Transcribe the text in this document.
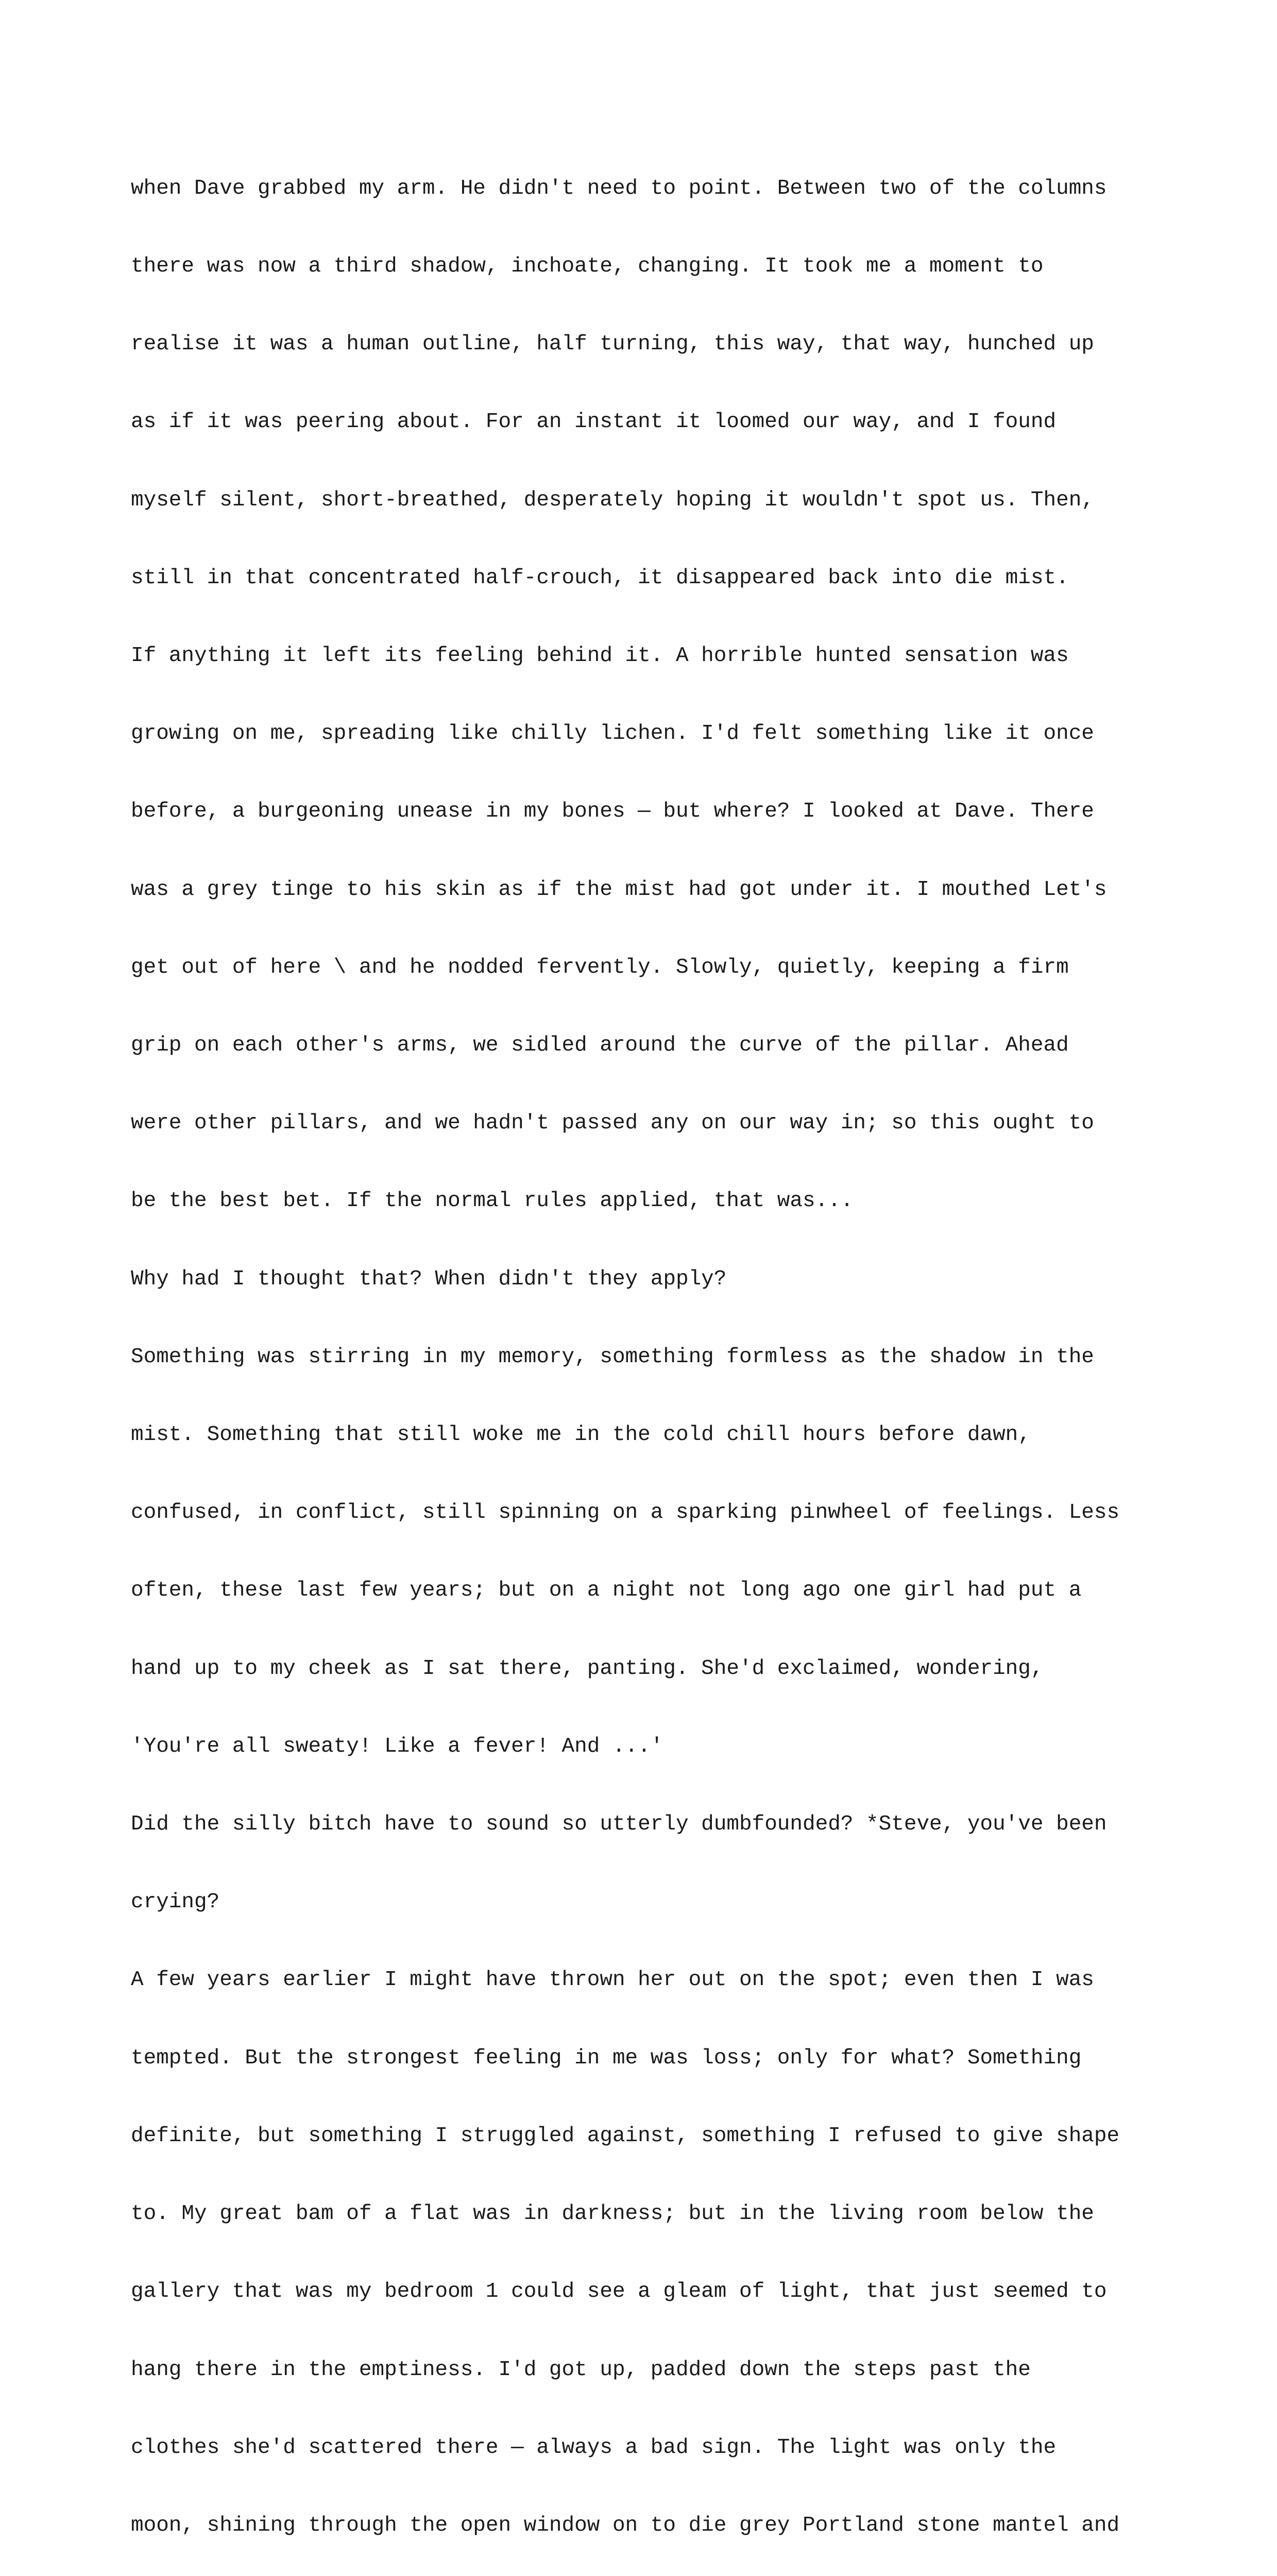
when Dave grabbed my arm. He didn't need to point. Between two of the columns

there was now a third shadow, inchoate, changing. It took me a moment to

realise it was a human outline, half turning, this way, that way, hunched up

as if it was peering about. For an instant it loomed our way, and I found

myself silent, short-breathed, desperately hoping it wouldn't spot us. Then,

still in that concentrated half-crouch, it disappeared back into die mist.

If anything it left its feeling behind it. A horrible hunted sensation was

growing on me, spreading like chilly lichen. I'd felt something like it once

before, a burgeoning unease in my bones — but where? I looked at Dave. There

was a grey tinge to his skin as if the mist had got under it. I mouthed Let's

get out of here \ and he nodded fervently. Slowly, quietly, keeping a firm

grip on each other's arms, we sidled around the curve of the pillar. Ahead

were other pillars, and we hadn't passed any on our way in; so this ought to

be the best bet. If the normal rules applied, that was...

Why had I thought that? When didn't they apply?

Something was stirring in my memory, something formless as the shadow in the

mist. Something that still woke me in the cold chill hours before dawn,

confused, in conflict, still spinning on a sparking pinwheel of feelings. Less

often, these last few years; but on a night not long ago one girl had put a

hand up to my cheek as I sat there, panting. She'd exclaimed, wondering,

'You're all sweaty! Like a fever! And ...'

Did the silly bitch have to sound so utterly dumbfounded? *Steve, you've been

crying?

A few years earlier I might have thrown her out on the spot; even then I was

tempted. But the strongest feeling in me was loss; only for what? Something

definite, but something I struggled against, something I refused to give shape

to. My great bam of a flat was in darkness; but in the living room below the

gallery that was my bedroom 1 could see a gleam of light, that just seemed to

hang there in the emptiness. I'd got up, padded down the steps past the

clothes she'd scattered there — always a bad sign. The light was only the

moon, shining through the open window on to die grey Portland stone mantel and
